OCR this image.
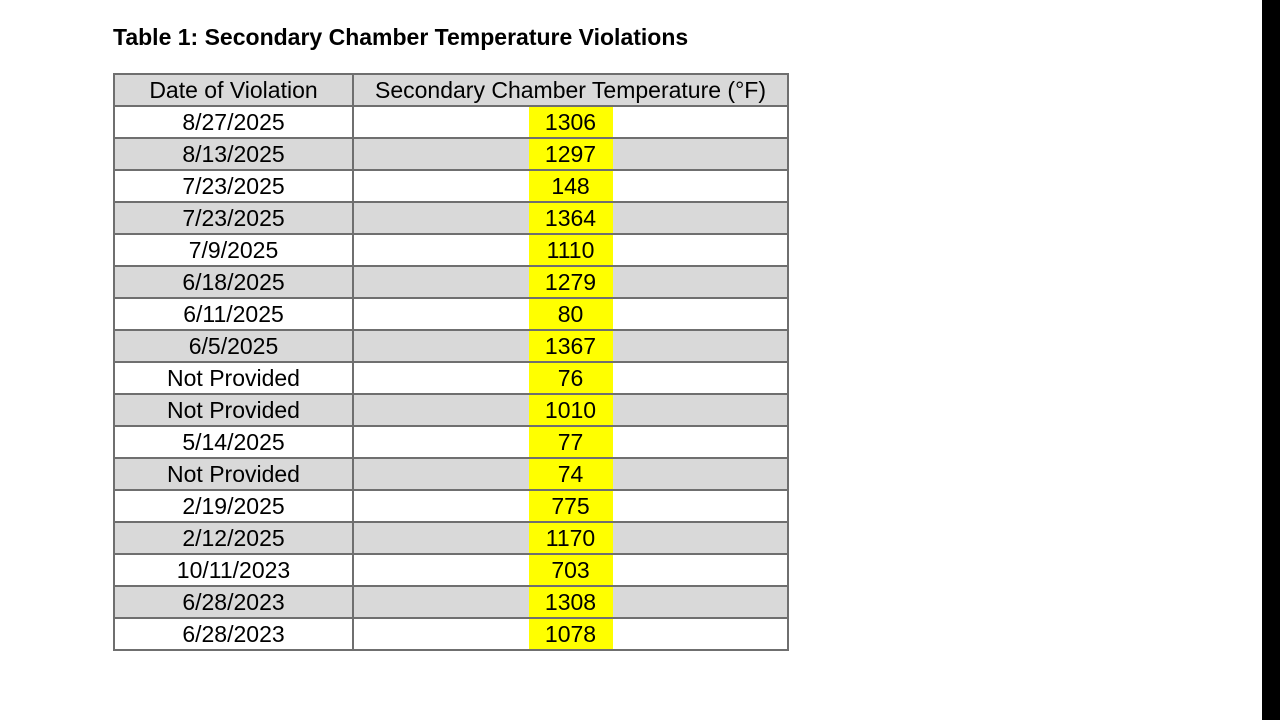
Table 1: Secondary Chamber Temperature Violations
Date of Violation	Secondary Chamber Temperature (°F)
8/27/2025	1306
8/13/2025	1297
7/23/2025	148
7/23/2025	1364
7/9/2025	1110
6/18/2025	1279
6/11/2025	80
6/5/2025	1367
Not Provided	76
Not Provided	1010
5/14/2025	77
Not Provided	74
2/19/2025	775
2/12/2025	1170
10/11/2023	703
6/28/2023	1308
6/28/2023	1078
